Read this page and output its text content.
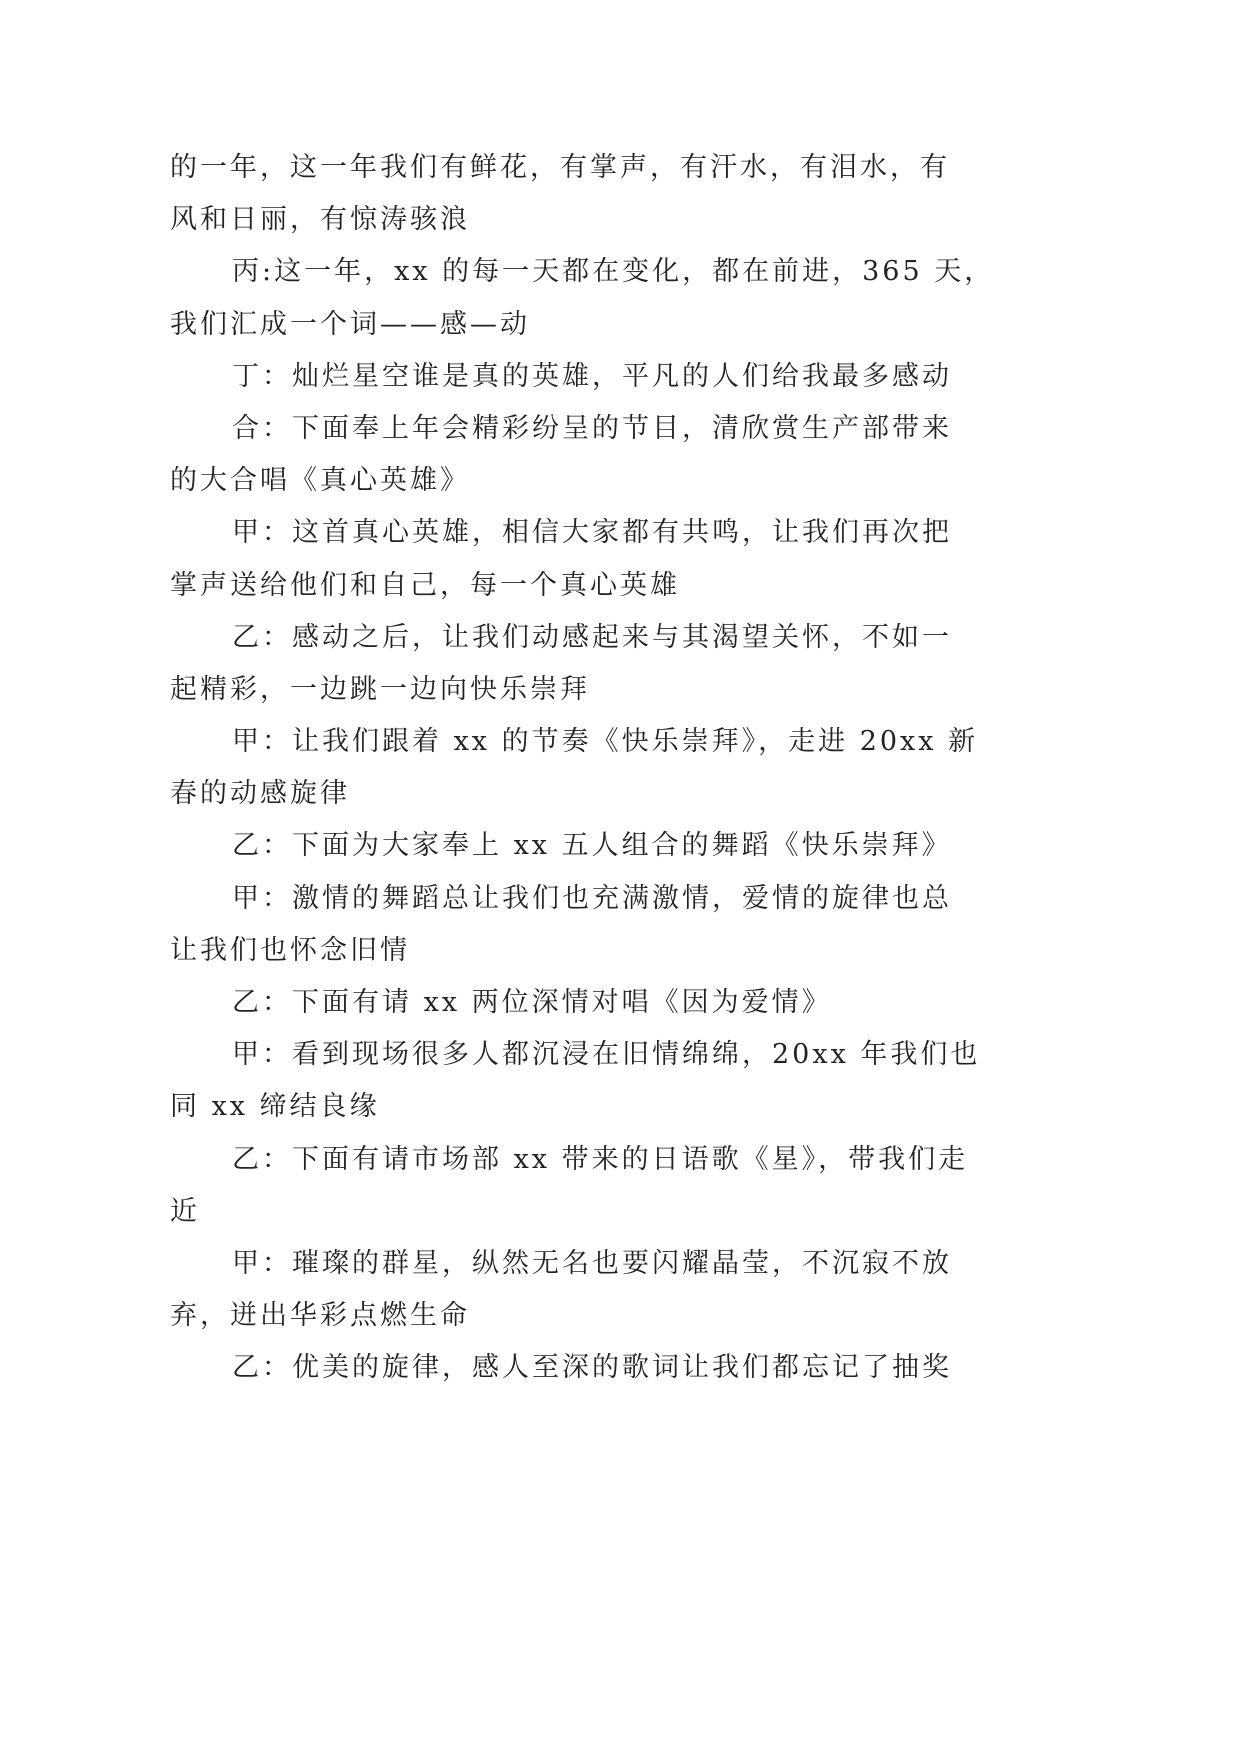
的一年，这一年我们有鲜花，有掌声，有汗水，有泪水，有
风和日丽，有惊涛骇浪
丙:这一年，xx 的每一天都在变化，都在前进，365 天，
我们汇成一个词——感—动
丁：灿烂星空谁是真的英雄，平凡的人们给我最多感动
合：下面奉上年会精彩纷呈的节目，清欣赏生产部带来
的大合唱《真心英雄》
甲：这首真心英雄，相信大家都有共鸣，让我们再次把
掌声送给他们和自己，每一个真心英雄
乙：感动之后，让我们动感起来与其渴望关怀，不如一
起精彩，一边跳一边向快乐崇拜
甲：让我们跟着 xx 的节奏《快乐崇拜》，走进 20xx 新
春的动感旋律
乙：下面为大家奉上 xx 五人组合的舞蹈《快乐崇拜》
甲：激情的舞蹈总让我们也充满激情，爱情的旋律也总
让我们也怀念旧情
乙：下面有请 xx 两位深情对唱《因为爱情》
甲：看到现场很多人都沉浸在旧情绵绵，20xx 年我们也
同 xx 缔结良缘
乙：下面有请市场部 xx 带来的日语歌《星》，带我们走
近
甲：璀璨的群星，纵然无名也要闪耀晶莹，不沉寂不放
弃，迸出华彩点燃生命
乙：优美的旋律，感人至深的歌词让我们都忘记了抽奖
